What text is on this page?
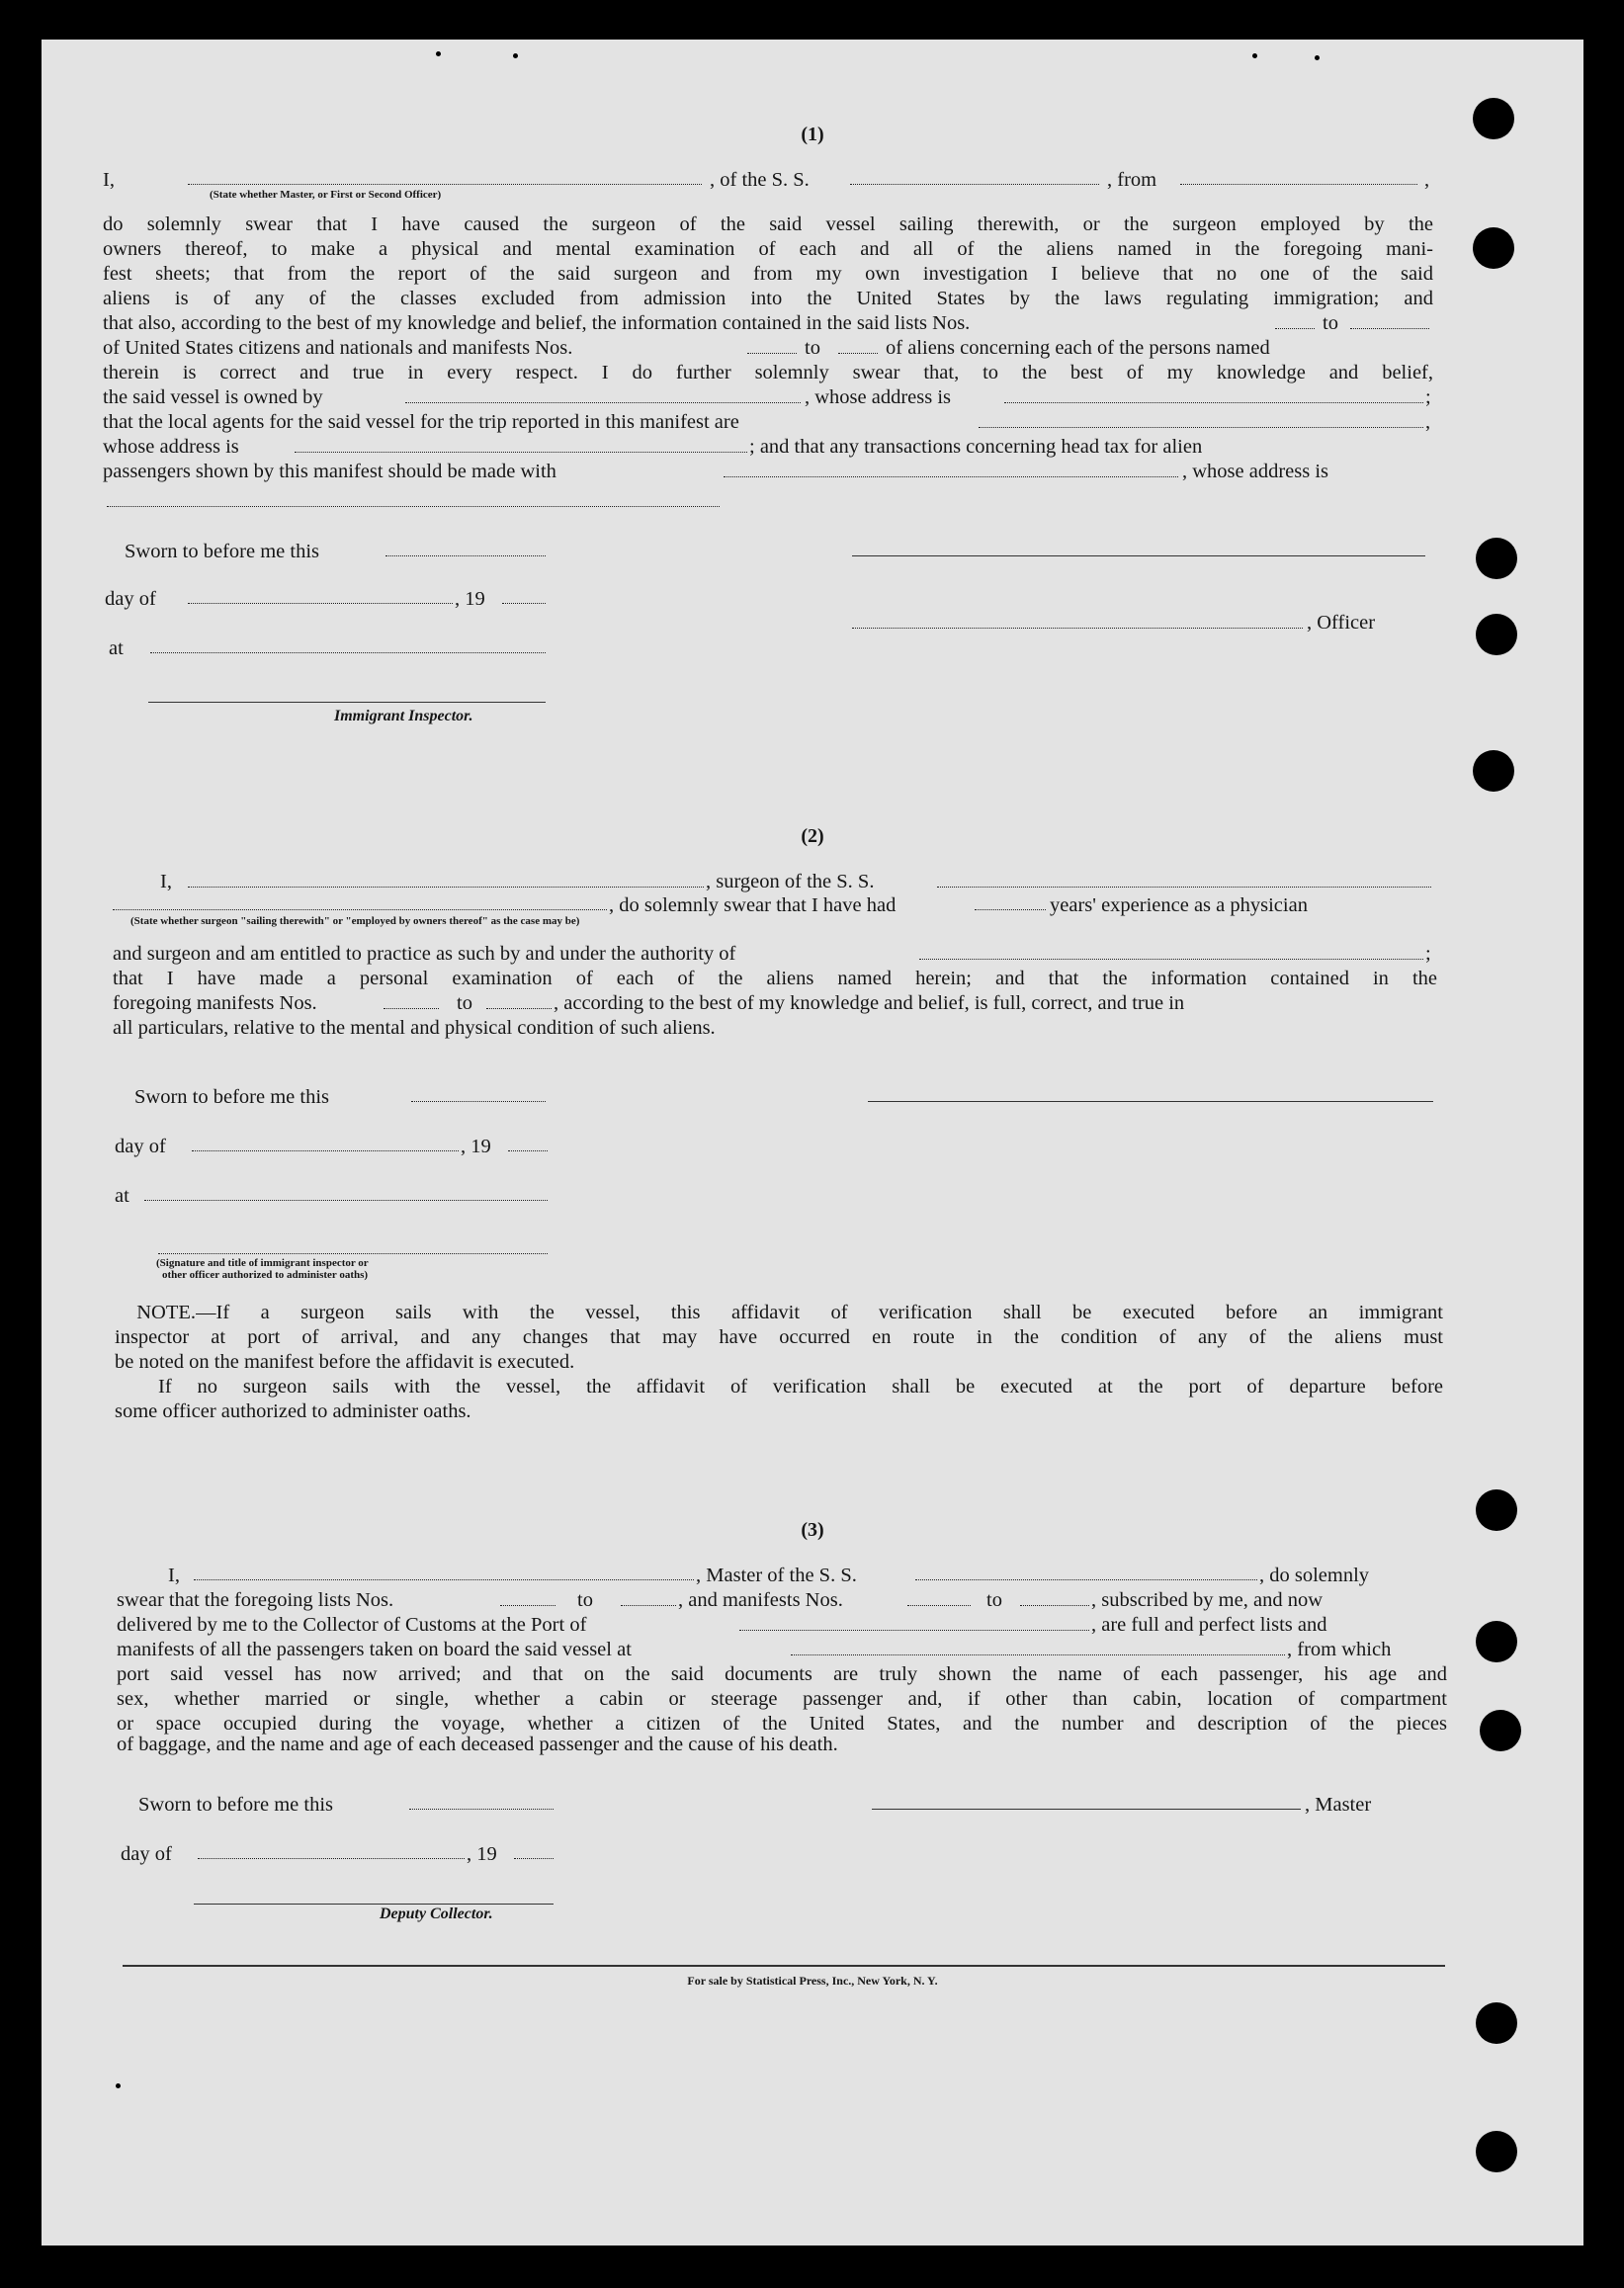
(1)
I,
(State whether Master, or First or Second Officer)
, of the S. S.	, from	,
do solemnly swear that I have caused the surgeon of the said vessel sailing therewith, or the surgeon employed by the
owners thereof, to make a physical and mental examination of each and all of the aliens named in the foregoing mani-
fest sheets; that from the report of the said surgeon and from my own investigation I believe that no one of the said
aliens is of any of the classes excluded from admission into the United States by the laws regulating immigration; and
that also, according to the best of my knowledge and belief, the information contained in the said lists Nos.	to
of United States citizens and nationals and manifests Nos.	to	of aliens concerning each of the persons named
therein is correct and true in every respect. I do further solemnly swear that, to the best of my knowledge and belief,
the said vessel is owned by	, whose address is	;
that the local agents for the said vessel for the trip reported in this manifest are	,
whose address is	; and that any transactions concerning head tax for alien
passengers shown by this manifest should be made with	, whose address is
Sworn to before me this
day of	, 19
, Officer
at
Immigrant Inspector.
(2)
I,	, surgeon of the S. S.
, do solemnly swear that I have had	years' experience as a physician
(State whether surgeon "sailing therewith" or "employed by owners thereof" as the case may be)
and surgeon and am entitled to practice as such by and under the authority of	;
that I have made a personal examination of each of the aliens named herein; and that the information contained in the
foregoing manifests Nos.	to	, according to the best of my knowledge and belief, is full, correct, and true in
all particulars, relative to the mental and physical condition of such aliens.
Sworn to before me this
day of	, 19
at
(Signature and title of immigrant inspector or
other officer authorized to administer oaths)
NOTE. —If a surgeon sails with the vessel, this affidavit of verification shall be executed before an immigrant
inspector at port of arrival, and any changes that may have occurred en route in the condition of any of the aliens must
be noted on the manifest before the affidavit is executed.
If no surgeon sails with the vessel, the affidavit of verification shall be executed at the port of departure before
some officer authorized to administer oaths.
(3)
I,	, Master of the S. S.	, do solemnly
swear that the foregoing lists Nos.	to	, and manifests Nos.	to	, subscribed by me, and now
delivered by me to the Collector of Customs at the Port of	, are full and perfect lists and
manifests of all the passengers taken on board the said vessel at	, from which
port said vessel has now arrived; and that on the said documents are truly shown the name of each passenger, his age and
sex, whether married or single, whether a cabin or steerage passenger and, if other than cabin, location of compartment
or space occupied during the voyage, whether a citizen of the United States, and the number and description of the pieces
of baggage, and the name and age of each deceased passenger and the cause of his death.
Sworn to before me this	, Master
day of	, 19
Deputy Collector.
For sale by Statistical Press, Inc., New York, N. Y.
